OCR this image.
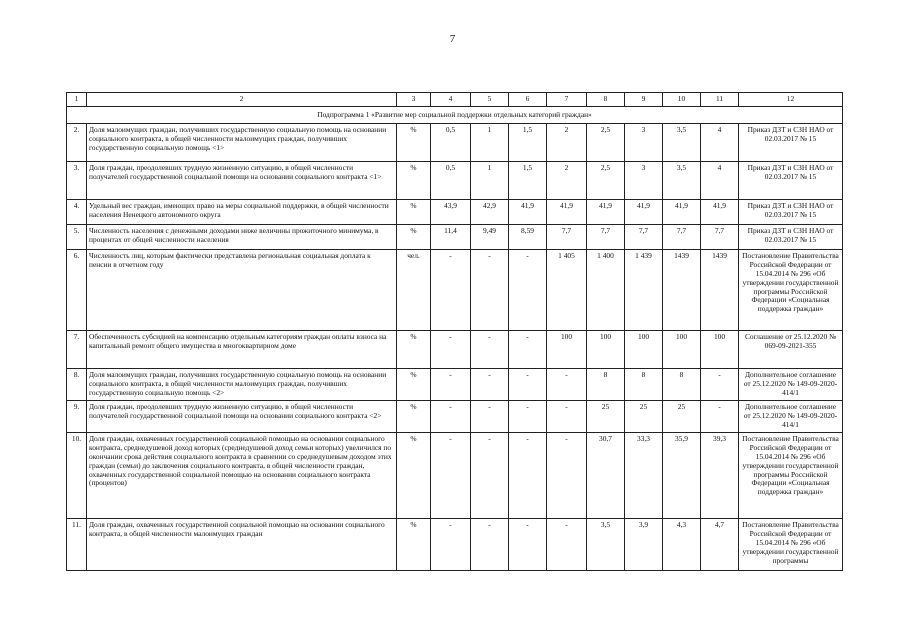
7
1	2	3	4	5	6	7	8	9	10	11	12
Подпрограмма 1 «Развитие мер социальной поддержки отдельных категорий граждан»											
2.	Доля малоимущих граждан, получивших государственную социальную помощь на основании социального контракта, в общей численности малоимущих граждан, получивших государственную социальную помощь <1>	%	0,5	1	1,5	2	2,5	3	3,5	4	Приказ ДЗТ и СЗН НАО от 02.03.2017 № 15
3.	Доля граждан, преодолевших трудную жизненную ситуацию, в общей численности получателей государственной социальной помощи на основании социального контракта <1>	%	0,5	1	1,5	2	2,5	3	3,5	4	Приказ ДЗТ и СЗН НАО от 02.03.2017 № 15
4.	Удельный вес граждан, имеющих право на меры социальной поддержки, в общей численности населения Ненецкого автономного округа	%	43,9	42,9	41,9	41,9	41,9	41,9	41,9	41,9	Приказ ДЗТ и СЗН НАО от 02.03.2017 № 15
5.	Численность населения с денежными доходами ниже величины прожиточного минимума, в процентах от общей численности населения	%	11,4	9,49	8,59	7,7	7,7	7,7	7,7	7,7	Приказ ДЗТ и СЗН НАО от 02.03.2017 № 15
6.	Численность лиц, которым фактически представлена региональная социальная доплата к пенсии в отчетном году	чел.	-	-	-	1 405	1 400	1 439	1439	1439	Постановление Правительства Российской Федерации от 15.04.2014 № 296 «Об утверждении государственной программы Российской Федерации «Социальная поддержка граждан»
7.	Обеспеченность субсидией на компенсацию отдельным категориям граждан оплаты взноса на капитальный ремонт общего имущества в многоквартирном доме	%	-	-	-	100	100	100	100	100	Соглашение от 25.12.2020 № 069-09-2021-355
8.	Доля малоимущих граждан, получивших государственную социальную помощь на основании социального контракта, в общей численности малоимущих граждан, получивших государственную социальную помощь <2>	%	-	-	-	-	8	8	8	-	Дополнительное соглашение от 25.12.2020 № 149-09-2020-414/1
9.	Доля граждан, преодолевших трудную жизненную ситуацию, в общей численности получателей государственной социальной помощи на основании социального контракта <2>	%	-	-	-	-	25	25	25	-	Дополнительное соглашение от 25.12.2020 № 149-09-2020-414/1
10.	Доля граждан, охваченных государственной социальной помощью на основании социального контракта, среднедушевой доход которых (среднедушевой доход семьи которых) увеличился по окончании срока действия социального контракта в сравнении со среднедушевым доходом этих граждан (семьи) до заключения социального контракта, в общей численности граждан, охваченных государственной социальной помощью на основании социального контракта (процентов)	%	-	-	-	-	30,7	33,3	35,9	39,3	Постановление Правительства Российской Федерации от 15.04.2014 № 296 «Об утверждении государственной программы Российской Федерации «Социальная поддержка граждан»
11.	Доля граждан, охваченных государственной социальной помощью на основании социального контракта, в общей численности малоимущих граждан	%	-	-	-	-	3,5	3,9	4,3	4,7	Постановление Правительства Российской Федерации от 15.04.2014 № 296 «Об утверждении государственной программы
